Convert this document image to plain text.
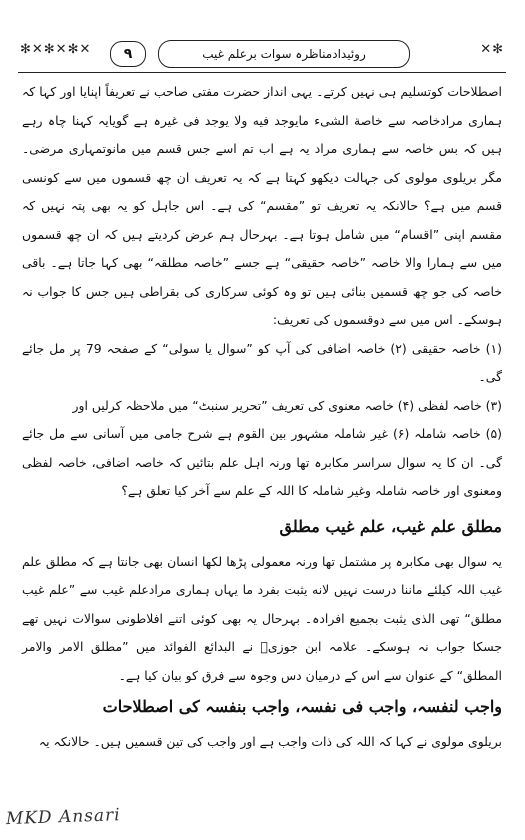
✻✕✻✕✻✕	۹	روئیدادمناظرہ سوات برعلم غیب	✕✻

اصطلاحات کوتسلیم ہی نہیں کرتے۔ یہی انداز حضرت مفتی صاحب نے تعریفاً اپنایا اور کہا کہ ہماری مرادخاصہ سے خاصة الشیء مایوجد فیه ولا یوجد فی غیرہ ہے گویایہ کہنا چاہ رہے ہیں کہ بس خاصہ سے ہماری مراد یہ ہے اب تم اسے جس قسم میں مانوتمہاری مرضی۔مگر بریلوی مولوی کی جہالت دیکھو کہتا ہے کہ یہ تعریف ان چھ قسموں میں سے کونسی قسم میں ہے؟ حالانکہ یہ تعریف تو ”مقسم“ کی ہے۔ اس جاہل کو یہ بھی پتہ نہیں کہ مقسم اپنی ”اقسام“ میں شامل ہوتا ہے۔ بہرحال ہم عرض کردیتے ہیں کہ ان چھ قسموں میں سے ہمارا والا خاصہ ”خاصہ حقیقی“ ہے جسے ”خاصہ مطلقہ“ بھی کہا جاتا ہے۔ باقی خاصہ کی جو چھ قسمیں بنائی ہیں تو وہ کوئی سرکاری کی بقراطی ہیں جس کا جواب نہ ہوسکے۔ اس میں سے دوقسموں کی تعریف:

(۱) خاصہ حقیقی (۲) خاصہ اضافی کی آپ کو ”سوال یا سولی“ کے صفحہ 79 پر مل جائے گی۔
(۳) خاصہ لفظی (۴) خاصہ معنوی کی تعریف ”تحریر سنبٹ“ میں ملاحظہ کرلیں اور
(۵) خاصہ شاملہ (۶) غیر شاملہ مشہور بین القوم ہے شرح جامی میں آسانی سے مل جائے گی۔ ان کا یہ سوال سراسر مکابرہ تھا ورنہ اہل علم بتائیں کہ خاصہ اضافی، خاصہ لفظی ومعنوی اور خاصہ شاملہ وغیر شاملہ کا اللہ کے علم سے آخر کیا تعلق ہے؟
مطلق علم غیب، علم غیب مطلق

یہ سوال بھی مکابرہ پر مشتمل تھا ورنہ معمولی پڑھا لکھا انسان بھی جانتا ہے کہ مطلق علم غیب اللہ کیلئے ماننا درست نہیں لانه یثبت بفرد ما یہاں ہماری مرادعلم غیب سے ”علم غیب مطلق“ تھی الذی یثبت بجمیع افرادہ۔ بہرحال یہ بھی کوئی اتنے افلاطونی سوالات نہیں تھے جسکا جواب نہ ہوسکے۔ علامہ ابن جوزیؒ نے البدائع الفوائد میں ”مطلق الامر والامر المطلق“ کے عنوان سے اس کے درمیان دس وجوہ سے فرق کو بیان کیا ہے۔

واجب لنفسہ، واجب فی نفسہ، واجب بنفسہ کی اصطلاحات

بریلوی مولوی نے کہا کہ اللہ کی ذات واجب ہے اور واجب کی تین قسمیں ہیں۔ حالانکہ یہ

MKD Ansari
